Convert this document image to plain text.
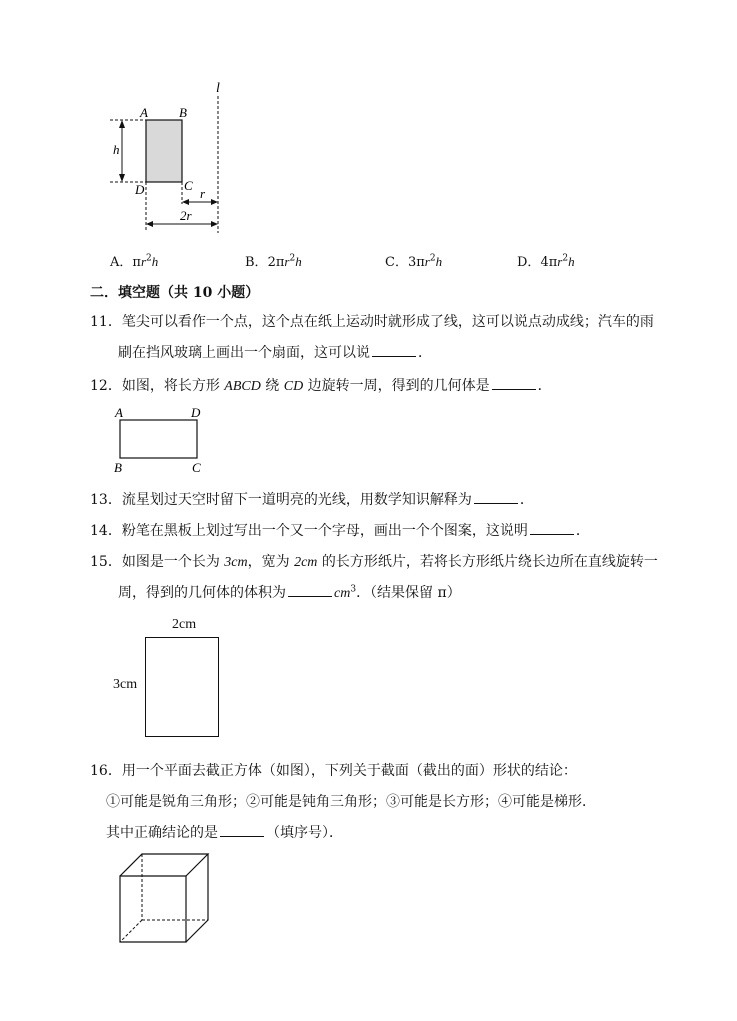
l
A B
D	C
h
r
2r
A．$\pi r^2h$	B．$2\pi r^2h$	C．$3\pi r^2h$	D．$4\pi r^2h$
二．填空题（共 10 小题）
11．笔尖可以看作一个点，这个点在纸上运动时就形成了线，这可以说点动成线；汽车的雨
刷在挡风玻璃上画出一个扇面，这可以说	．
12．如图，将长方形 ABCD 绕 CD 边旋转一周，得到的几何体是	．
A	D
B	C
13．流星划过天空时留下一道明亮的光线，用数学知识解释为	．
14．粉笔在黑板上划过写出一个又一个字母，画出一个个图案，这说明	．
15．如图是一个长为 3cm，宽为 2cm 的长方形纸片，若将长方形纸片绕长边所在直线旋转一
周，得到的几何体的体积为	$cm^3$．（结果保留 π）
2cm
3cm
16．用一个平面去截正方体（如图），下列关于截面（截出的面）形状的结论：
①可能是锐角三角形；②可能是钝角三角形；③可能是长方形；④可能是梯形．
其中正确结论的是	（填序号）．
